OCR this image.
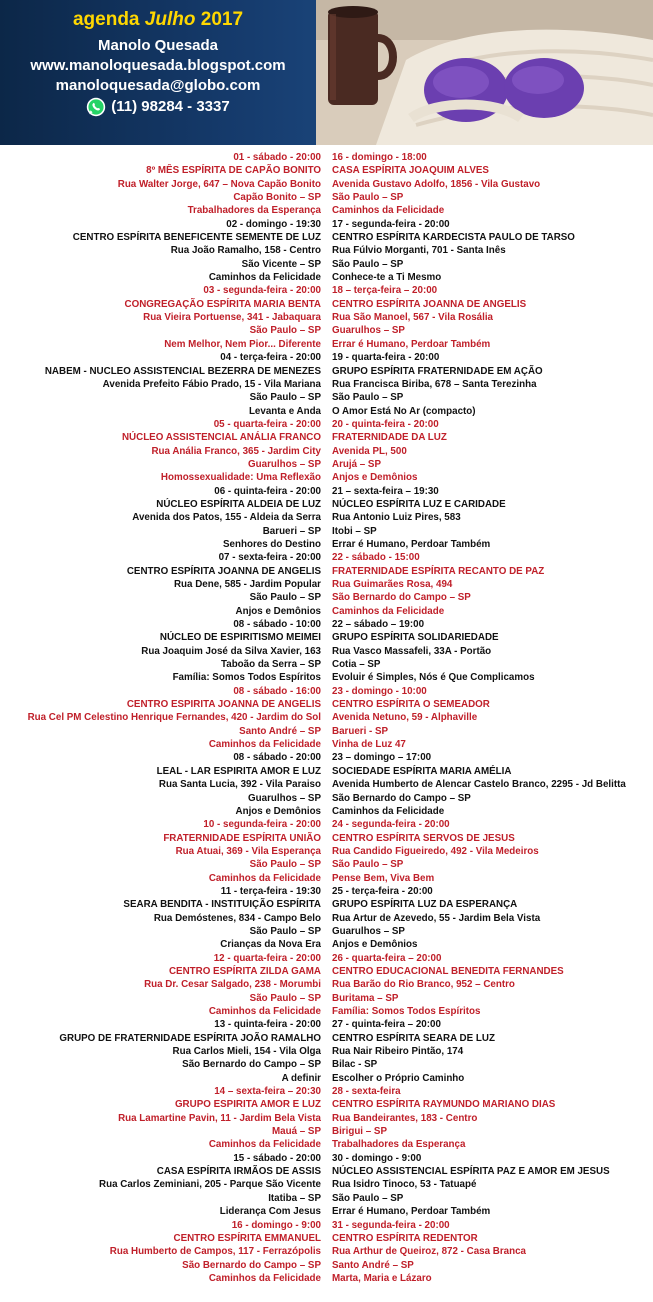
agenda Julho 2017
Manolo Quesada
www.manoloquesada.blogspot.com
manoloquesada@globo.com
(11) 98284 - 3337
01 - sábado - 20:00 16 - domingo - 18:00
8º MÊS ESPÍRITA DE CAPÃO BONITO CASA ESPÍRITA JOAQUIM ALVES
Rua Walter Jorge, 647 – Nova Capão Bonito Avenida Gustavo Adolfo, 1856 - Vila Gustavo
Capão Bonito – SP São Paulo – SP
Trabalhadores da Esperança Caminhos da Felicidade
02 - domingo - 19:30 17 - segunda-feira - 20:00
CENTRO ESPÍRITA BENEFICENTE SEMENTE DE LUZ CENTRO ESPÍRITA KARDECISTA PAULO DE TARSO
Rua João Ramalho, 158 - Centro Rua Fúlvio Morganti, 701 - Santa Inês
São Vicente – SP São Paulo – SP
Caminhos da Felicidade Conhece-te a Ti Mesmo
03 - segunda-feira - 20:00 18 – terça-feira – 20:00
CONGREGAÇÃO ESPÍRITA MARIA BENTA CENTRO ESPÍRITA JOANNA DE ANGELIS
Rua Vieira Portuense, 341 - Jabaquara Rua São Manoel, 567 - Vila Rosália
São Paulo – SP Guarulhos – SP
Nem Melhor, Nem Pior... Diferente Errar é Humano, Perdoar Também
04 - terça-feira - 20:00 19 - quarta-feira - 20:00
NABEM - NUCLEO ASSISTENCIAL BEZERRA DE MENEZES GRUPO ESPÍRITA FRATERNIDADE EM AÇÃO
Avenida Prefeito Fábio Prado, 15 - Vila Mariana Rua Francisca Biriba, 678 – Santa Terezinha
São Paulo – SP São Paulo – SP
Levanta e Anda O Amor Está No Ar (compacto)
05 - quarta-feira - 20:00 20 - quinta-feira - 20:00
NÚCLEO ASSISTENCIAL ANÁLIA FRANCO FRATERNIDADE DA LUZ
Rua Anália Franco, 365 - Jardim City Avenida PL, 500
Guarulhos – SP Arujá – SP
Homossexualidade: Uma Reflexão Anjos e Demônios
06 - quinta-feira - 20:00 21 – sexta-feira – 19:30
NÚCLEO ESPÍRITA ALDEIA DE LUZ NÚCLEO ESPÍRITA LUZ E CARIDADE
Avenida dos Patos, 155 - Aldeia da Serra Rua Antonio Luiz Pires, 583
Barueri – SP Itobi – SP
Senhores do Destino Errar é Humano, Perdoar Também
07 - sexta-feira - 20:00 22 - sábado - 15:00
CENTRO ESPÍRITA JOANNA DE ANGELIS FRATERNIDADE ESPÍRITA RECANTO DE PAZ
Rua Dene, 585 - Jardim Popular Rua Guimarães Rosa, 494
São Paulo – SP São Bernardo do Campo – SP
Anjos e Demônios Caminhos da Felicidade
08 - sábado - 10:00 22 – sábado – 19:00
NÚCLEO DE ESPIRITISMO MEIMEI GRUPO ESPÍRITA SOLIDARIEDADE
Rua Joaquim José da Silva Xavier, 163 Rua Vasco Massafeli, 33A - Portão
Taboão da Serra – SP Cotia – SP
Família: Somos Todos Espíritos Evoluir é Simples, Nós é Que Complicamos
08 - sábado - 16:00 23 - domingo - 10:00
CENTRO ESPIRITA JOANNA DE ANGELIS CENTRO ESPÍRITA O SEMEADOR
Rua Cel PM Celestino Henrique Fernandes, 420 - Jardim do Sol Avenida Netuno, 59 - Alphaville
Santo André – SP Barueri - SP
Caminhos da Felicidade Vinha de Luz 47
08 - sábado - 20:00 23 – domingo – 17:00
LEAL - LAR ESPIRITA AMOR E LUZ SOCIEDADE ESPÍRITA MARIA AMÉLIA
Rua Santa Lucia, 392 - Vila Paraiso Avenida Humberto de Alencar Castelo Branco, 2295 - Jd Belitta
Guarulhos – SP São Bernardo do Campo – SP
Anjos e Demônios Caminhos da Felicidade
10 - segunda-feira - 20:00 24 - segunda-feira - 20:00
FRATERNIDADE ESPÍRITA UNIÃO CENTRO ESPÍRITA SERVOS DE JESUS
Rua Atuai, 369 - Vila Esperança Rua Candido Figueiredo, 492 - Vila Medeiros
São Paulo – SP São Paulo – SP
Caminhos da Felicidade Pense Bem, Viva Bem
11 - terça-feira - 19:30 25 - terça-feira - 20:00
SEARA BENDITA - INSTITUIÇÃO ESPÍRITA GRUPO ESPÍRITA LUZ DA ESPERANÇA
Rua Demóstenes, 834 - Campo Belo Rua Artur de Azevedo, 55 - Jardim Bela Vista
São Paulo – SP Guarulhos – SP
Crianças da Nova Era Anjos e Demônios
12 - quarta-feira - 20:00 26 - quarta-feira – 20:00
CENTRO ESPÍRITA ZILDA GAMA CENTRO EDUCACIONAL BENEDITA FERNANDES
Rua Dr. Cesar Salgado, 238 - Morumbi Rua Barão do Rio Branco, 952 – Centro
São Paulo – SP Buritama – SP
Caminhos da Felicidade Família: Somos Todos Espíritos
13 - quinta-feira - 20:00 27 - quinta-feira – 20:00
GRUPO DE FRATERNIDADE ESPÍRITA JOÃO RAMALHO CENTRO ESPÍRITA SEARA DE LUZ
Rua Carlos Mieli, 154 - Vila Olga Rua Nair Ribeiro Pintão, 174
São Bernardo do Campo – SP Bilac - SP
A definir Escolher o Próprio Caminho
14 – sexta-feira – 20:30 28 - sexta-feira
GRUPO ESPIRITA AMOR E LUZ CENTRO ESPÍRITA RAYMUNDO MARIANO DIAS
Rua Lamartine Pavin, 11 - Jardim Bela Vista Rua Bandeirantes, 183 - Centro
Mauá – SP Birigui – SP
Caminhos da Felicidade Trabalhadores da Esperança
15 - sábado - 20:00 30 - domingo - 9:00
CASA ESPÍRITA IRMÃOS DE ASSIS NÚCLEO ASSISTENCIAL ESPÍRITA PAZ E AMOR EM JESUS
Rua Carlos Zeminiani, 205 - Parque São Vicente Rua Isidro Tinoco, 53 - Tatuapé
Itatiba – SP São Paulo – SP
Liderança Com Jesus Errar é Humano, Perdoar Também
16 - domingo - 9:00 31 - segunda-feira - 20:00
CENTRO ESPÍRITA EMMANUEL CENTRO ESPÍRITA REDENTOR
Rua Humberto de Campos, 117 - Ferrazópolis Rua Arthur de Queiroz, 872 - Casa Branca
São Bernardo do Campo – SP Santo André – SP
Caminhos da Felicidade Marta, Maria e Lázaro
